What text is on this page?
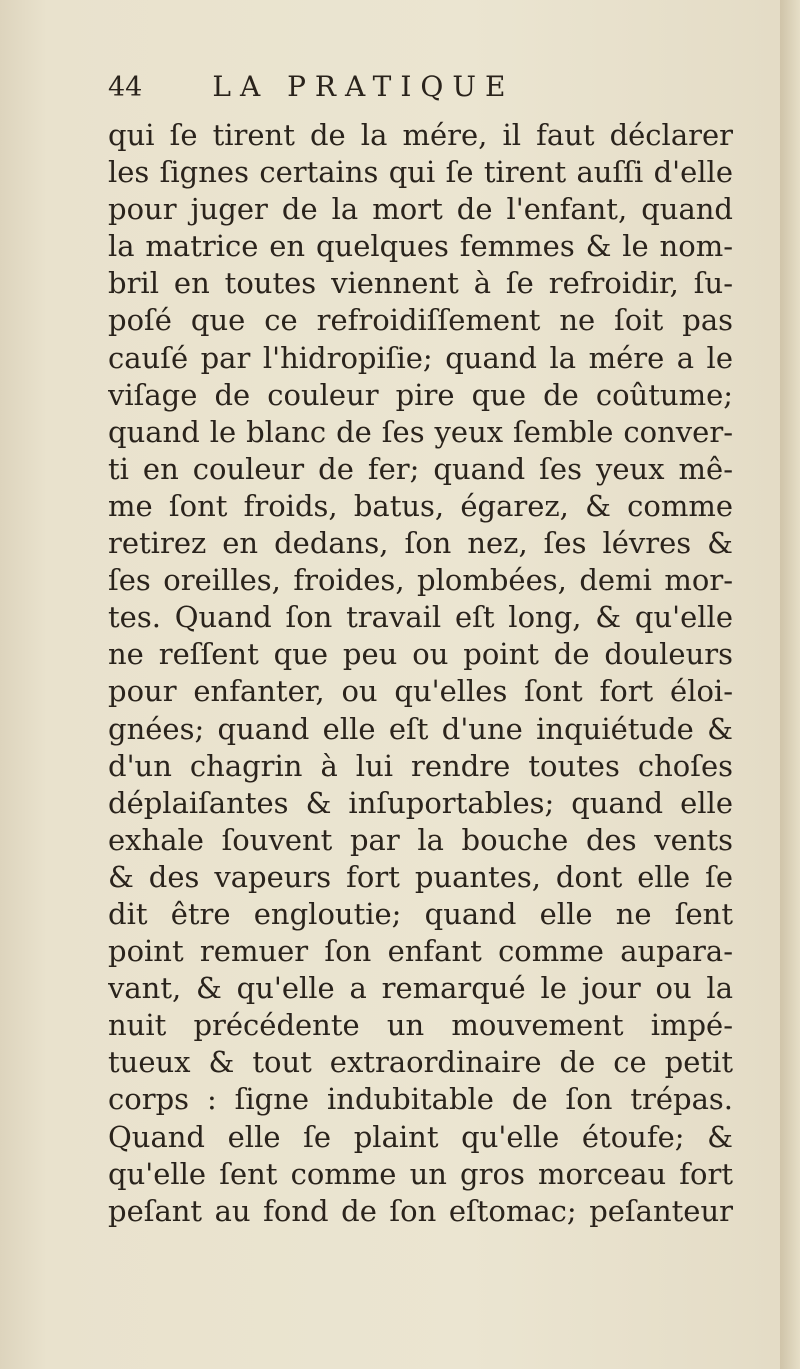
44	LA PRATIQUE
qui ſe tirent de la mére, il faut déclarer
les ſignes certains qui ſe tirent auſſi d'elle
pour juger de la mort de l'enfant, quand
la matrice en quelques femmes & le nom-
bril en toutes viennent à ſe refroidir, ſu-
poſé que ce refroidiſſement ne ſoit pas
cauſé par l'hidropiſie; quand la mére a le
viſage de couleur pire que de coûtume;
quand le blanc de ſes yeux ſemble conver-
ti en couleur de fer; quand ſes yeux mê-
me ſont froids, batus, égarez, & comme
retirez en dedans, ſon nez, ſes lévres &
ſes oreilles, froides, plombées, demi mor-
tes. Quand ſon travail eſt long, & qu'elle
ne reſſent que peu ou point de douleurs
pour enfanter, ou qu'elles ſont fort éloi-
gnées; quand elle eſt d'une inquiétude &
d'un chagrin à lui rendre toutes choſes
déplaiſantes & inſuportables; quand elle
exhale ſouvent par la bouche des vents
& des vapeurs fort puantes, dont elle ſe
dit être engloutie; quand elle ne ſent
point remuer ſon enfant comme aupara-
vant, & qu'elle a remarqué le jour ou la
nuit précédente un mouvement impé-
tueux & tout extraordinaire de ce petit
corps : ſigne indubitable de ſon trépas.
Quand elle ſe plaint qu'elle étoufe; &
qu'elle ſent comme un gros morceau fort
peſant au fond de ſon eſtomac; peſanteur
